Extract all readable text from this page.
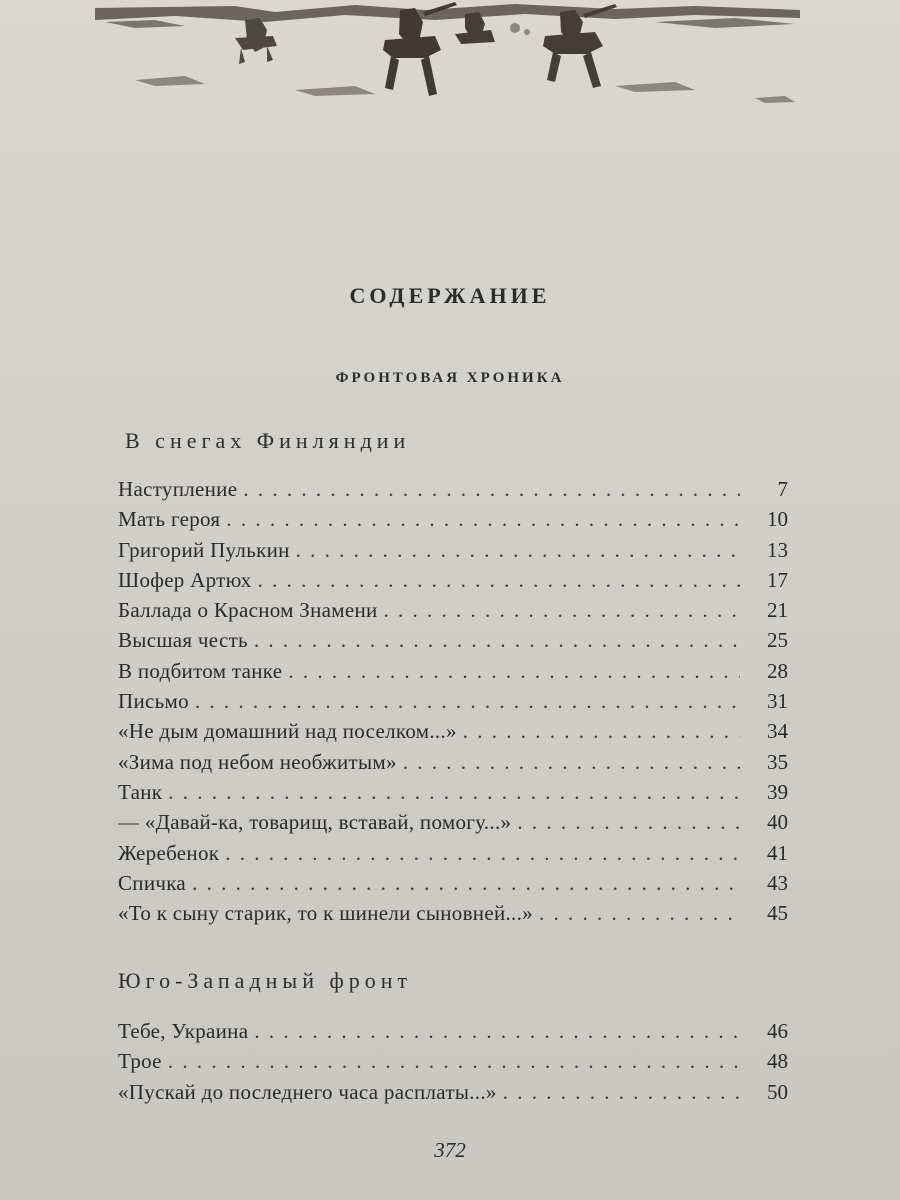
СОДЕРЖАНИЕ
ФРОНТОВАЯ ХРОНИКА
В снегах Финляндии
Наступление . . .	7
Мать героя . . .	10
Григорий Пулькин . . .	13
Шофер Артюх . . .	17
Баллада о Красном Знамени . . .	21
Высшая честь . . .	25
В подбитом танке . . .	28
Письмо . . .	31
«Не дым домашний над поселком...» . . .	34
«Зима под небом необжитым» . . .	35
Танк . . .	39
— «Давай-ка, товарищ, вставай, помогу...» . . .	40
Жеребенок . . .	41
Спичка . . .	43
«То к сыну старик, то к шинели сыновней...» . . .	45
Юго-Западный фронт
Тебе, Украина . . .	46
Трое . . .	48
«Пускай до последнего часа расплаты...» . . .	50
372
